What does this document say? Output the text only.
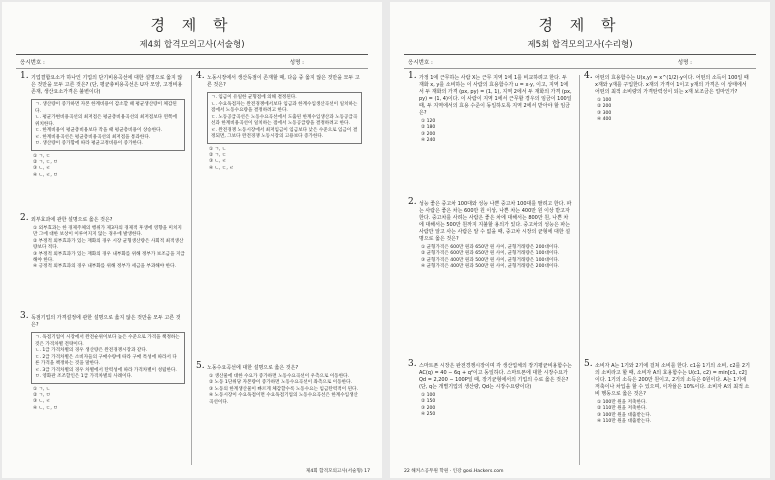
경 제 학
제4회 합격모의고사(서술형)
응시번호 :	성명 :
1. 기업결합요소가 하나인 기업의 단기비용곡선에 대한 설명으로 옳지 않은 것만을 모두 고른 것은? (단, 평균총비용곡선은 U자 모양, 고정비용 존재, 생산요소가격은 불변이다)
ㄱ. 생산량이 증가하면 자본 한계비용이 감소할 때 평균생산량이 체감된다.
ㄴ. 평균가변비용곡선의 최저점은 평균총비용곡선의 최저점보다 왼쪽에 위치한다.
ㄷ. 한계비용이 평균총비용보다 작을 때 평균총비용이 상승한다.
ㄹ. 한계비용곡선은 평균총비용곡선의 최저점을 통과한다.
ㅁ. 생산량이 증가함에 따라 평균고정비용이 증가한다.
① ㄱ, ㄷ
② ㄱ, ㄷ, ㅁ
③ ㄴ, ㄹ
④ ㄴ, ㄹ, ㅁ
2. 외부효과에 관한 설명으로 옳은 것은?
① 외부효과는 한 경제주체의 행위가 제3자의 경제적 후생에 영향을 미치지만 그에 대한 보상이 이루어지지 않는 경우에 발생한다.
② 부정적 외부효과가 있는 재화의 경우 시장 균형생산량은 사회적 최적생산량보다 적다.
③ 부정적 외부효과가 있는 재화의 경우 내부화를 위해 정부가 보조금을 지급해야 한다.
④ 긍정적 외부효과의 경우 내부화를 위해 정부가 세금을 부과해야 한다.
3. 독점기업의 가격설정에 관한 설명으로 옳지 않은 것만을 모두 고른 것은?
ㄱ. 독점기업이 시장에서 완전순위이보다 높은 수준으로 가격을 책정하는 것은 가격차별 전략이다.
ㄴ. 1급 가격차별의 경우 생산량은 완전경쟁시장과 같다.
ㄷ. 2급 가격차별은 소비자들의 구매수량에 따라 구매 특성에 따라서 다른 가격을 책정하는 것을 말한다.
ㄹ. 3급 가격차별의 경우 차별에서 탄력성에 따라 가격차별이 성립한다.
ㅁ. 영화관 조조할인은 1급 가격차별의 사례이다.
① ㄱ, ㄴ
② ㄱ, ㅁ
③ ㄴ, ㄹ
④ ㄴ, ㄷ, ㅁ
4. 노동시장에서 생산독점이 존재할 때, 다음 중 옳지 않은 것만을 모두 고른 것은?
ㄱ. 임금이 유일한 균형점에 의해 결정된다.
ㄴ. 수요독점자는 완전경쟁에서보다 임금과 한계수입생산곡선이 일치하는 점에서 노동수요량을 결정하려고 한다.
ㄷ. 노동공급곡선은 노동수요곡선에서 도출된 한계수입생산과 노동공급곡선과 한계비용곡선이 일치하는 점에서 노동공급량을 결정하려고 한다.
ㄹ. 완전경쟁 노동시장에서 최저임금이 임금보다 낮은 수준으로 임금이 결정되면, 그보다 완전경쟁 노동시장의 고용보다 증가한다.
① ㄱ, ㄴ
② ㄱ, ㄷ
③ ㄴ, ㄹ
④ ㄴ, ㄷ, ㄹ
5. 노동수요곡선에 대한 설명으로 옳은 것은?
① 생산물에 대한 수요가 증가하면 노동수요곡선이 우측으로 이동한다.
② 노동 1단위당 자본량이 증가하면 노동수요곡선이 좌측으로 이동한다.
③ 노동의 한계생산물이 빠르게 체감할수록 노동수요는 임금탄력적이 된다.
④ 노동시장이 수요독점이면 수요독점기업의 노동수요곡선은 한계수입생산곡선이다.
제4회 합격모의고사(서술형) 17
경 제 학
제5회 합격모의고사(수리형)
응시번호 :	성명 :
1. 가정 1에 근무하는 사람 X는 근무 지역 1에 1를 비교하려고 한다. 두 재화 x, y를 소비하는 이 사람의 효용함수가 u = x·y, 이고, 지역 1에서 두 재화의 가격 (px, py) = (1, 1), 지역 2에서 두 재화의 가격 (px, py) = (1, 4)이다. 이 사람이 지역 1에서 근무할 경우의 임금이 100일 때, 두 지역에서의 효용 수준이 동일하도록 지역 2에서 받아야 할 임금은?
① 120
② 180
③ 200
④ 240
2. 성능 좋은 중고차 100대와 성능 나쁜 중고차 100대를 팔려고 한다. 파는 사람은 좋은 차는 600만 원 이상, 나쁜 차는 400만 원 이상 받고자 한다. 중고차를 사려는 사람은 좋은 차에 대해서는 800만 원, 나쁜 차에 대해서는 500만 원까지 지불할 용의가 있다. 중고차의 성능은 파는 사람만 알고 사는 사람은 알 수 없을 때, 중고차 시장의 균형에 대한 설명으로 옳은 것은?
① 균형가격은 600만 원과 650만 원 사이, 균형거래량은 200대이다.
② 균형가격은 600만 원과 650만 원 사이, 균형거래량은 100대이다.
③ 균형가격은 400만 원과 500만 원 사이, 균형거래량은 100대이다.
④ 균형가격은 400만 원과 500만 원 사이, 균형거래량은 200대이다.
3. 스마트폰 시장은 완전경쟁시장이며 각 생산업체의 장기평균비용함수는 AC(q) = 40 − 6q + q²이고 동일하다. 스마트폰에 대한 시장수요가 Qd = 2,200 − 100P일 때, 장기균형에서의 기업의 수로 옳은 것은? (단, q는 개별기업의 생산량, Qd는 시장수요량이다)
① 100
② 150
③ 200
④ 250
4. 어떤의 효용함수는 U(x,y) = x^(1/2)·y이다. 어떤의 소득이 100일 때 x재와 y재를 구입한다. x재의 가격이 1이고 y재의 가격은 이 상태에서 어떤의 최적 소비량의 가격탄력성이 되는 x재 보조금은 얼마인가?
① 100
② 200
③ 300
④ 400
5. 소비자 A는 1기와 2기에 걸쳐 소비를 한다. c1을 1기의 소비, c2를 2기의 소비라고 할 때, 소비자 A의 효용함수는 U(c1, c2) = min[c1, c2]이다. 1기의 소득은 200만 원이고, 2기의 소득은 0원이다. A는 1기에 저축이나 차입을 할 수 있으며, 이자율은 10%이다. 소비자 A의 최적 소비 행동으로 옳은 것은?
① 100만 원을 저축한다.
② 110만 원을 저축한다.
③ 100만 원을 대출받는다.
④ 110만 원을 대출받는다.
22 해커스공무원 학원 · 인강 gosi.Hackers.com
